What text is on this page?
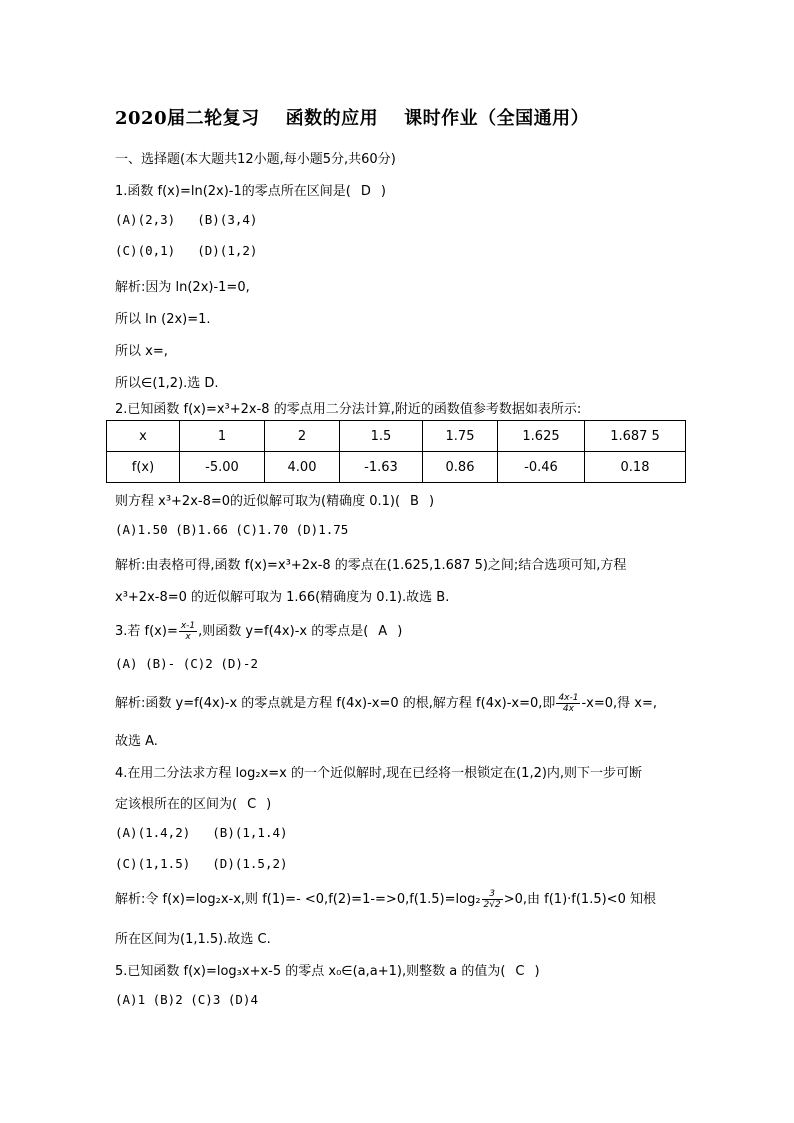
2020届二轮复习 函数的应用 课时作业（全国通用）
一、选择题(本大题共12小题,每小题5分,共60分)
1.函数 f(x)=ln(2x)-1的零点所在区间是( D )
(A)(2,3) (B)(3,4)
(C)(0,1) (D)(1,2)
解析:因为 ln(2x)-1=0,
所以 ln (2x)=1.
所以 x=,
所以∈(1,2).选 D.
2.已知函数 f(x)=x³+2x-8 的零点用二分法计算,附近的函数值参考数据如表所示:
x	1	2	1.5	1.75	1.625	1.687 5
f(x)	-5.00	4.00	-1.63	0.86	-0.46	0.18
则方程 x³+2x-8=0的近似解可取为(精确度 0.1)( B )
(A)1.50 (B)1.66 (C)1.70 (D)1.75
解析:由表格可得,函数 f(x)=x³+2x-8 的零点在(1.625,1.687 5)之间;结合选项可知,方程
x³+2x-8=0 的近似解可取为 1.66(精确度为 0.1).故选 B.
3.若 $f(x)= \frac{x-1}{x}$ ,则函数 y=f(4x)-x 的零点是( A )
(A) (B)- (C)2 (D)-2
解析:函数 y=f(4x)-x 的零点就是方程 f(4x)-x=0 的根,解方程 f(4x)-x=0,即 $\frac{4x-1}{4x} -x=0$,得 x=,
故选 A.
4.在用二分法求方程 log₂x=x 的一个近似解时,现在已经将一根锁定在(1,2)内,则下一步可断
定该根所在的区间为( C )
(A)(1.4,2) (B)(1,1.4)
(C)(1,1.5) (D)(1.5,2)
解析:令 f(x)=log₂x-x,则 $f(1)=- <0,f(2)=1-=>0,f(1.5)=\log_2 \frac{3}{2√2} >0$,由 f(1)·f(1.5)<0 知根
所在区间为(1,1.5).故选 C.
5.已知函数 f(x)=log₃x+x-5 的零点 x₀∈(a,a+1),则整数 a 的值为( C )
(A)1 (B)2 (C)3 (D)4
